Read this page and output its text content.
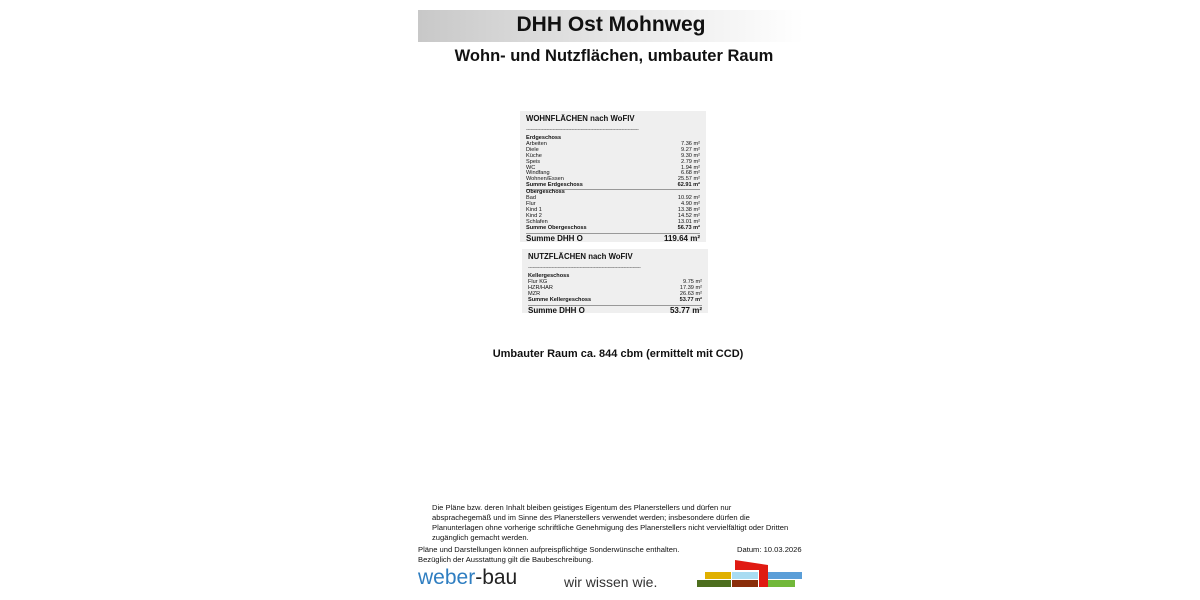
DHH Ost Mohnweg
Wohn- und Nutzflächen, umbauter Raum
WOHNFLÄCHEN nach WoFIV
------------------------------------------------------------------------
Erdgeschoss
Arbeiten	7.36 m²
Diele	9.27 m²
Küche	9.30 m²
Speis	2.79 m²
WC	1.94 m²
Windfang	6.68 m²
Wohnen/Essen	25.57 m²
Summe Erdgeschoss	62.91 m²
Obergeschoss
Bad	10.92 m²
Flur	4.90 m²
Kind 1	13.38 m²
Kind 2	14.52 m²
Schlafen	13.01 m²
Summe Obergeschoss	56.73 m²
Summe DHH O	119.64 m²
NUTZFLÄCHEN nach WoFIV
------------------------------------------------------------------------
Kellergeschoss
Flur KG	9.75 m²
HZR/HAR	17.39 m²
MZR	26.63 m²
Summe Kellergeschoss	53.77 m²
Summe DHH O	53.77 m²
Umbauter Raum ca. 844 cbm (ermittelt mit CCD)
Die Pläne bzw. deren Inhalt bleiben geistiges Eigentum des Planerstellers und dürfen nur absprachegemäß und im Sinne des Planerstellers verwendet werden; insbesondere dürfen die Planunterlagen ohne vorherige schriftliche Genehmigung des Planerstellers nicht vervielfältigt oder Dritten zugänglich gemacht werden.
Pläne und Darstellungen können aufpreispflichtige Sonderwünsche enthalten.
Bezüglich der Ausstattung gilt die Baubeschreibung.
Datum: 10.03.2026
weber-bau	wir wissen wie.
